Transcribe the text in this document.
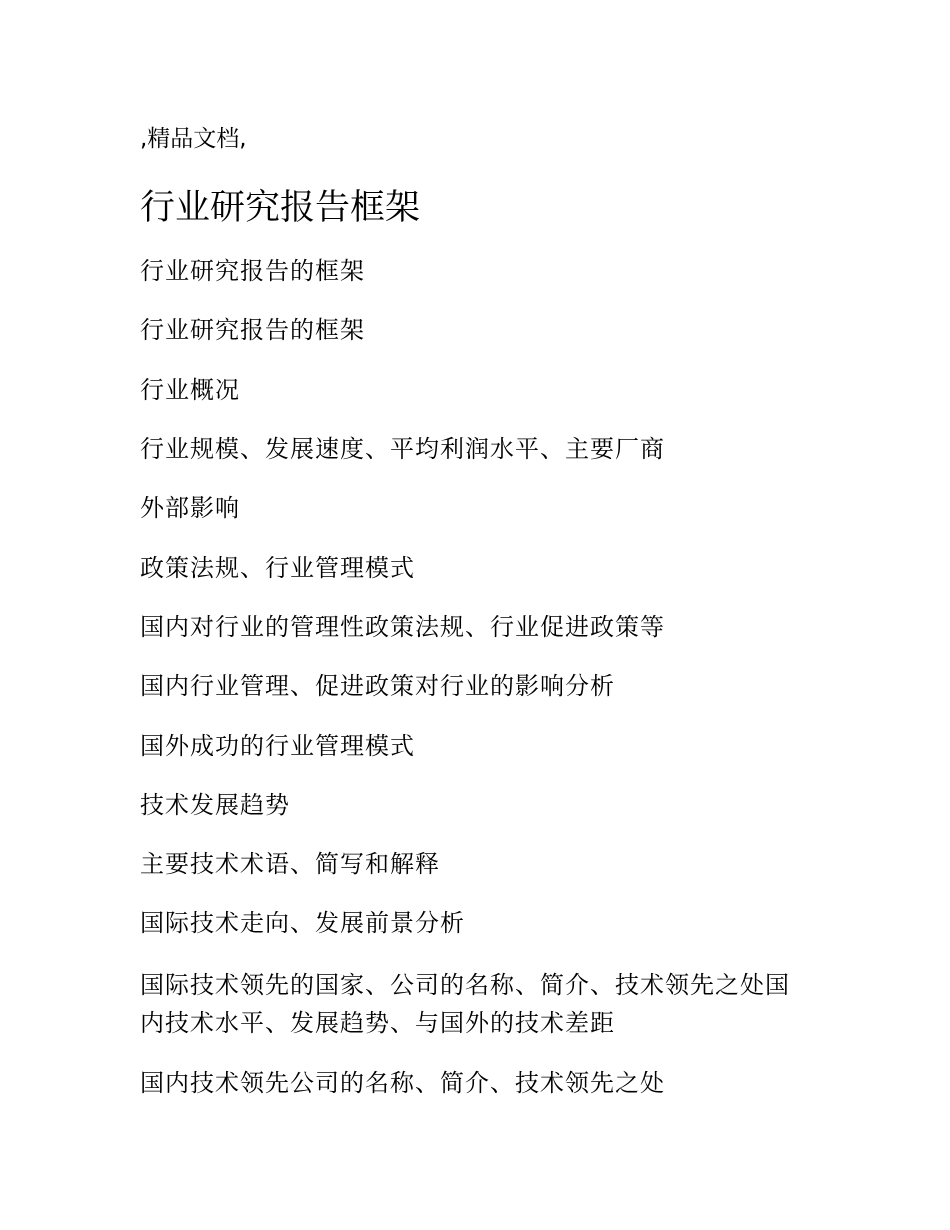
,精品文档,
行业研究报告框架
行业研究报告的框架
行业研究报告的框架
行业概况
行业规模、发展速度、平均利润水平、主要厂商
外部影响
政策法规、行业管理模式
国内对行业的管理性政策法规、行业促进政策等
国内行业管理、促进政策对行业的影响分析
国外成功的行业管理模式
技术发展趋势
主要技术术语、简写和解释
国际技术走向、发展前景分析
国际技术领先的国家、公司的名称、简介、技术领先之处国内技术水平、发展趋势、与国外的技术差距
国内技术领先公司的名称、简介、技术领先之处
